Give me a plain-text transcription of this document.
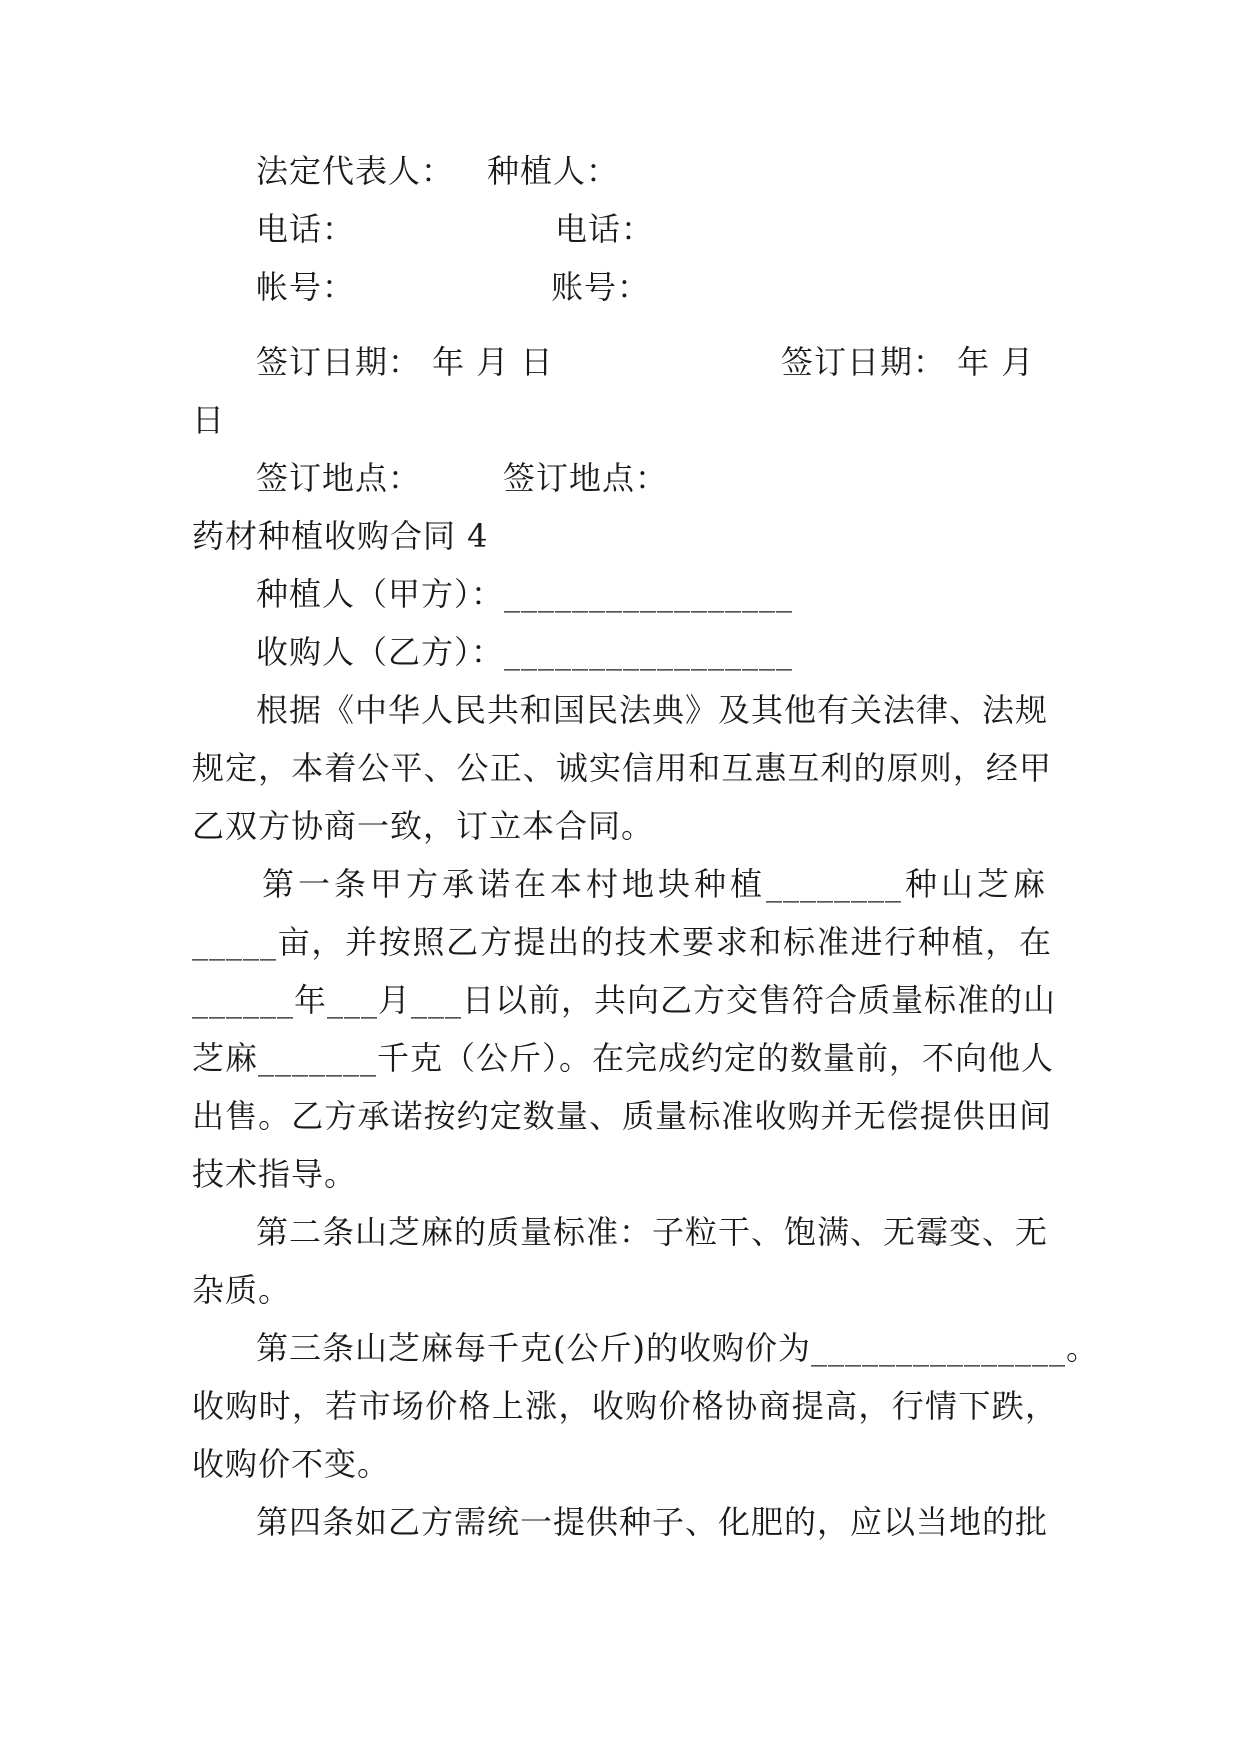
法定代表人： 种植人：
电话：	电话：
帐号：	账号：
签订日期： 年 月 日	签订日期： 年 月
日
签订地点：	签订地点：
药材种植收购合同 4
种植人（甲方）：_________________
收购人（乙方）：_________________
根据《中华人民共和国民法典》及其他有关法律、法规
规定，本着公平、公正、诚实信用和互惠互利的原则，经甲
乙双方协商一致，订立本合同。
第一条甲方承诺在本村地块种植________种山芝麻
_____亩，并按照乙方提出的技术要求和标准进行种植，在
______年___月___日以前，共向乙方交售符合质量标准的山
芝麻_______千克（公斤）。在完成约定的数量前，不向他人
出售。乙方承诺按约定数量、质量标准收购并无偿提供田间
技术指导。
第二条山芝麻的质量标准：子粒干、饱满、无霉变、无
杂质。
第三条山芝麻每千克(公斤)的收购价为_______________。
收购时，若市场价格上涨，收购价格协商提高，行情下跌，
收购价不变。
第四条如乙方需统一提供种子、化肥的，应以当地的批
